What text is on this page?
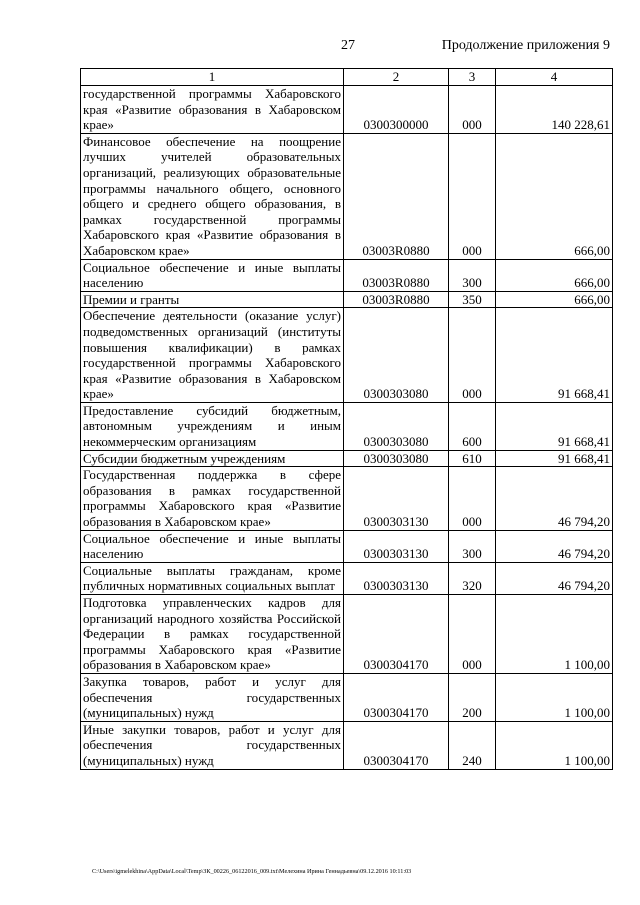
27	Продолжение приложения 9
1	2	3	4
государственной программы Хабаровского края «Развитие образования в Хабаровском крае»	0300300000	000	140 228,61
Финансовое обеспечение на поощрение лучших учителей образовательных организаций, реализующих образовательные программы начального общего, основного общего и среднего общего образования, в рамках государственной программы Хабаровского края «Развитие образования в Хабаровском крае»	03003R0880	000	666,00
Социальное обеспечение и иные выплаты населению	03003R0880	300	666,00
Премии и гранты	03003R0880	350	666,00
Обеспечение деятельности (оказание услуг) подведомственных организаций (институты повышения квалификации) в рамках государственной программы Хабаровского края «Развитие образования в Хабаровском крае»	0300303080	000	91 668,41
Предоставление субсидий бюджетным, автономным учреждениям и иным некоммерческим организациям	0300303080	600	91 668,41
Субсидии бюджетным учреждениям	0300303080	610	91 668,41
Государственная поддержка в сфере образования в рамках государственной программы Хабаровского края «Развитие образования в Хабаровском крае»	0300303130	000	46 794,20
Социальное обеспечение и иные выплаты населению	0300303130	300	46 794,20
Социальные выплаты гражданам, кроме публичных нормативных социальных выплат	0300303130	320	46 794,20
Подготовка управленческих кадров для организаций народного хозяйства Российской Федерации в рамках государственной программы Хабаровского края «Развитие образования в Хабаровском крае»	0300304170	000	1 100,00
Закупка товаров, работ и услуг для обеспечения государственных (муниципальных) нужд	0300304170	200	1 100,00
Иные закупки товаров, работ и услуг для обеспечения государственных (муниципальных) нужд	0300304170	240	1 100,00
C:\Users\igmelekhina\AppData\Local\Temp\ЗК_00226_06122016_009.txt\Мелехина Ирина Геннадьевна\09.12.2016 10:11:03
